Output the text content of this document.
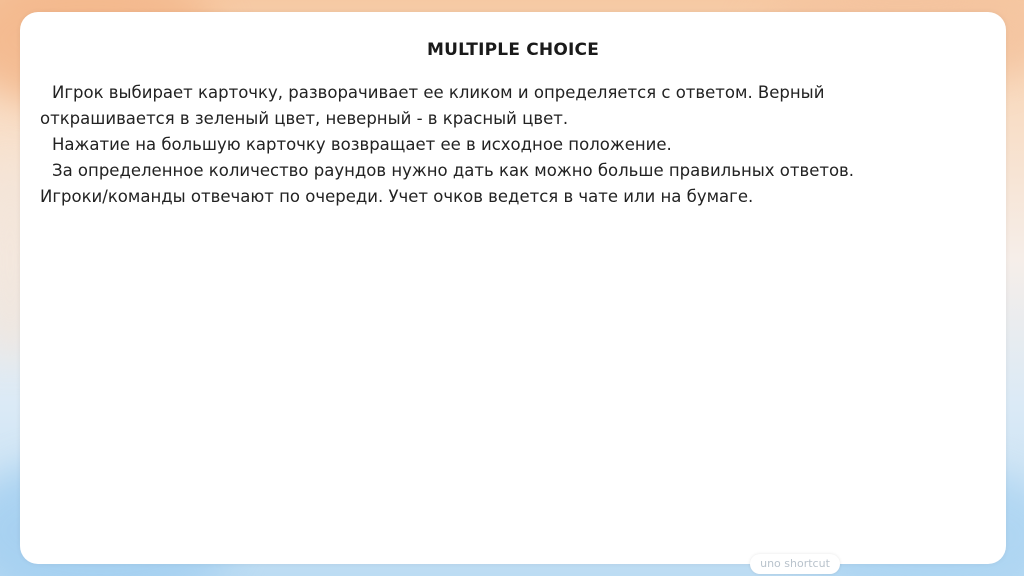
MULTIPLE CHOICE

Игрок выбирает карточку, разворачивает ее кликом и определяется с ответом. Верный

открашивается в зеленый цвет, неверный - в красный цвет.

Нажатие на большую карточку возвращает ее в исходное положение.

За определенное количество раундов нужно дать как можно больше правильных ответов.

Игроки/команды отвечают по очереди. Учет очков ведется в чате или на бумаге.

uno shortcut
